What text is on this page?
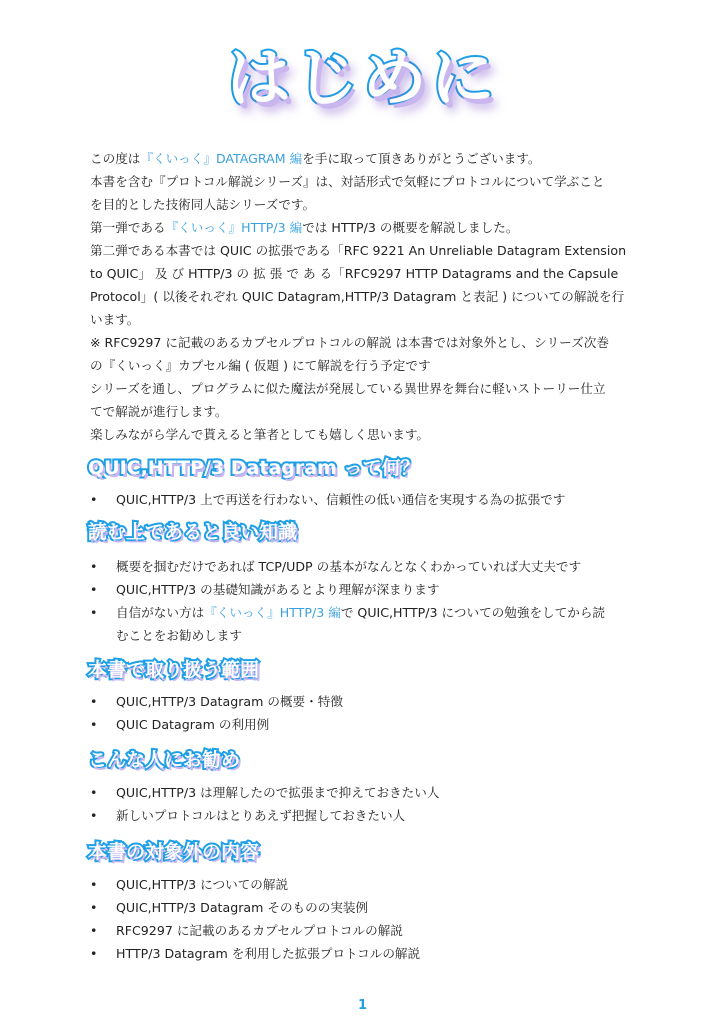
はじめに
この度は『くいっく』DATAGRAM 編を手に取って頂きありがとうございます。
本書を含む『プロトコル解説シリーズ』は、対話形式で気軽にプロトコルについて学ぶこと
を目的とした技術同人誌シリーズです。
第一弾である『くいっく』HTTP/3 編では HTTP/3 の概要を解説しました。
第二弾である本書では QUIC の拡張である「RFC 9221 An Unreliable Datagram Extension
to QUIC」 及 び HTTP/3 の 拡 張 で あ る「RFC9297 HTTP Datagrams and the Capsule
Protocol」( 以後それぞれ QUIC Datagram,HTTP/3 Datagram と表記 ) についての解説を行
います。
※ RFC9297 に記載のあるカプセルプロトコルの解説 は本書では対象外とし、シリーズ次巻
の『くいっく』カプセル編 ( 仮題 ) にて解説を行う予定です
シリーズを通し、プログラムに似た魔法が発展している異世界を舞台に軽いストーリー仕立
てで解説が進行します。
楽しみながら学んで貰えると筆者としても嬉しく思います。
QUIC,HTTP/3 Datagram って何？
• QUIC,HTTP/3 上で再送を行わない、信頼性の低い通信を実現する為の拡張です
読む上であると良い知識
• 概要を掴むだけであれば TCP/UDP の基本がなんとなくわかっていれば大丈夫です
• QUIC,HTTP/3 の基礎知識があるとより理解が深まります
• 自信がない方は『くいっく』HTTP/3 編で QUIC,HTTP/3 についての勉強をしてから読
むことをお勧めします
本書で取り扱う範囲
• QUIC,HTTP/3 Datagram の概要・特徴
• QUIC Datagram の利用例
こんな人にお勧め
• QUIC,HTTP/3 は理解したので拡張まで抑えておきたい人
• 新しいプロトコルはとりあえず把握しておきたい人
本書の対象外の内容
• QUIC,HTTP/3 についての解説
• QUIC,HTTP/3 Datagram そのものの実装例
• RFC9297 に記載のあるカプセルプロトコルの解説
• HTTP/3 Datagram を利用した拡張プロトコルの解説
1
